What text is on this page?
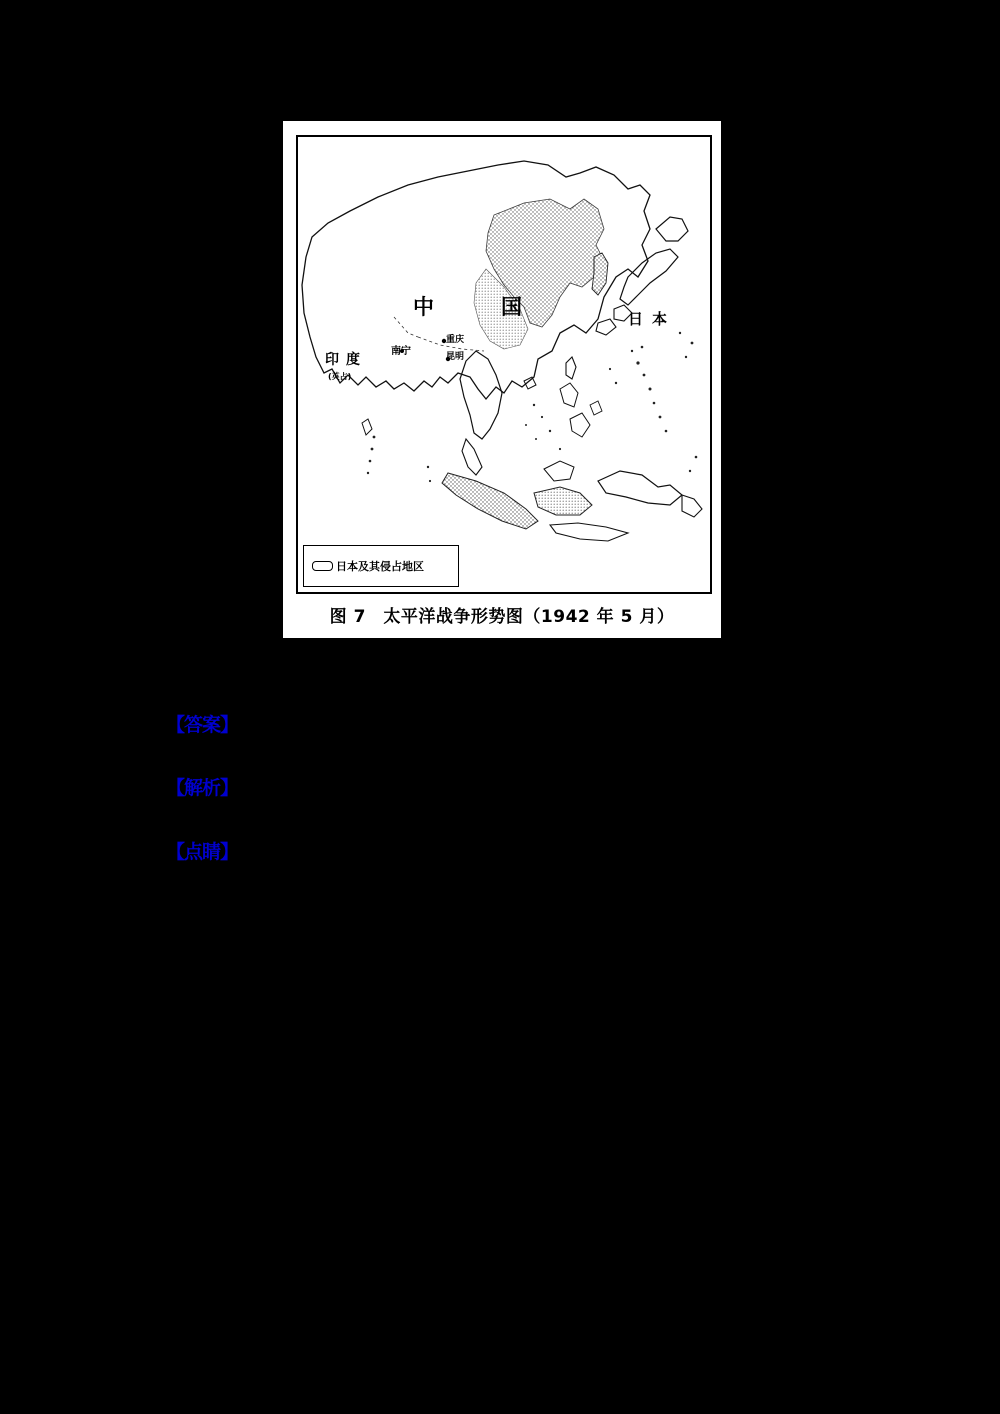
中	国	日本
印度
(英占)
重庆
昆明
南宁
日本及其侵占地区
图 7　太平洋战争形势图（1942 年 5 月）
【答案】
【解析】
【点睛】
